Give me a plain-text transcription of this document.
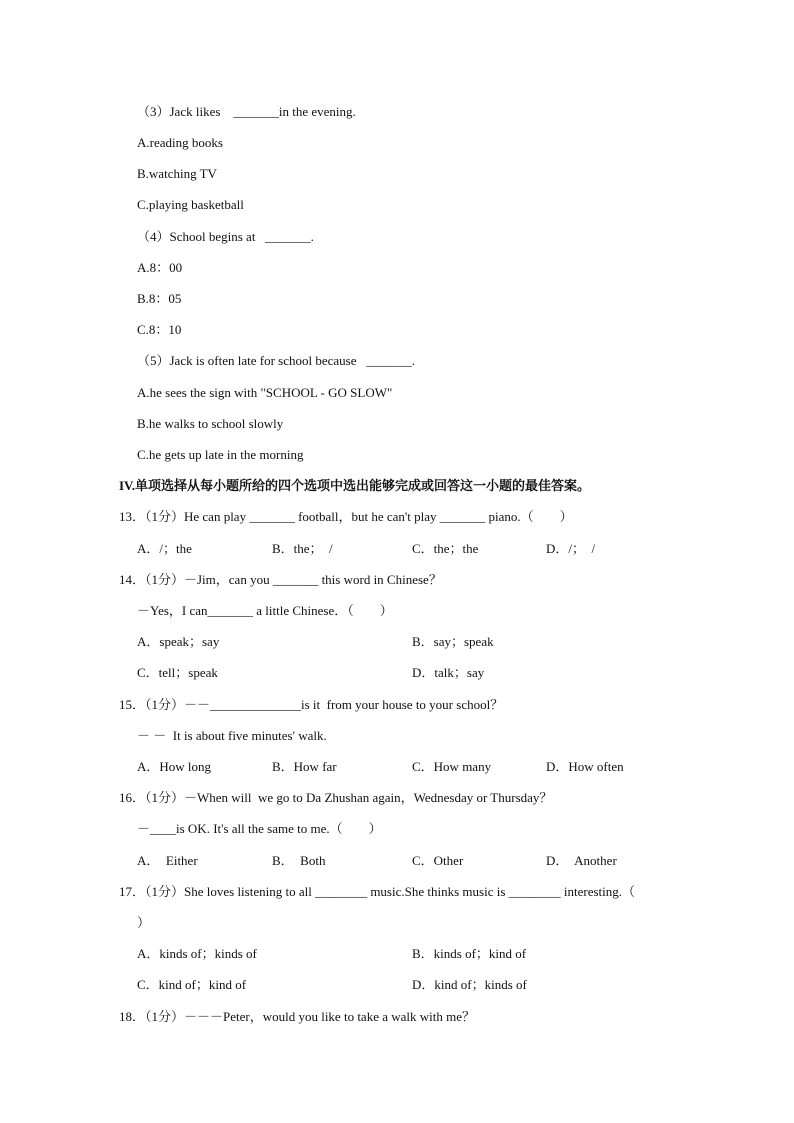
（3）Jack likes    _______in the evening.
A.reading books
B.watching TV
C.playing basketball
（4）School begins at   _______.
A.8：00
B.8：05
C.8：10
（5）Jack is often late for school because   _______.
A.he sees the sign with "SCHOOL - GO SLOW"
B.he walks to school slowly
C.he gets up late in the morning
IV.单项选择从每小题所给的四个选项中选出能够完成或回答这一小题的最佳答案。
13．（1分）He can play _______ football，but he can't play _______ piano.（　　）
A．/；the	B．the；  /	C．the；the	D．/；  /
14．（1分）－Jim，can you _______ this word in Chinese？
－Yes，I can_______ a little Chinese．（　　）
A．speak；say	B．say；speak
C．tell；speak	D．talk；say
15．（1分）－－______________is it  from your house to your school？
－ －  It is about five minutes' walk.
A．How long	B．How far	C．How many	D．How often
16．（1分）－When will  we go to Da Zhushan again，Wednesday or Thursday？
－____is OK. It's all the same to me.（　　）
A．  Either	B．  Both	C．Other	D．  Another
17．（1分）She loves listening to all ________ music.She thinks music is ________ interesting.（
）
A．kinds of；kinds of	B．kinds of；kind of
C．kind of；kind of	D．kind of；kinds of
18．（1分）－－－Peter，would you like to take a walk with me？
